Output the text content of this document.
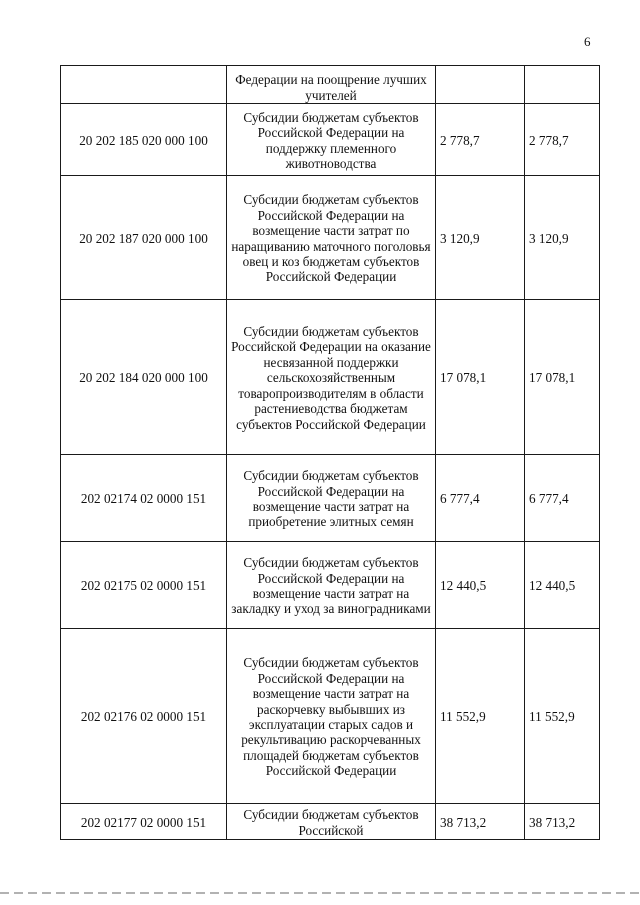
6
	Федерации на поощрение лучших учителей		
20 202 185 020 000 100	Субсидии бюджетам субъектов Российской Федерации на поддержку племенного животноводства	2 778,7	2 778,7
20 202 187 020 000 100	Субсидии бюджетам субъектов Российской Федерации на возмещение части затрат по наращиванию маточного поголовья овец и коз бюджетам субъектов Российской Федерации	3 120,9	3 120,9
20 202 184 020 000 100	Субсидии бюджетам субъектов Российской Федерации на оказание несвязанной поддержки сельскохозяйственным товаропроизводителям в области растениеводства бюджетам субъектов Российской Федерации	17 078,1	17 078,1
202 02174 02 0000 151	Субсидии бюджетам субъектов Российской Федерации на возмещение части затрат на приобретение элитных семян	6 777,4	6 777,4
202 02175 02 0000 151	Субсидии бюджетам субъектов Российской Федерации на возмещение части затрат на закладку и уход за виноградниками	12 440,5	12 440,5
202 02176 02 0000 151	Субсидии бюджетам субъектов Российской Федерации на возмещение части затрат на раскорчевку выбывших из эксплуатации старых садов и рекультивацию раскорчеванных площадей бюджетам субъектов Российской Федерации	11 552,9	11 552,9
202 02177 02 0000 151	Субсидии бюджетам субъектов Российской	38 713,2	38 713,2
